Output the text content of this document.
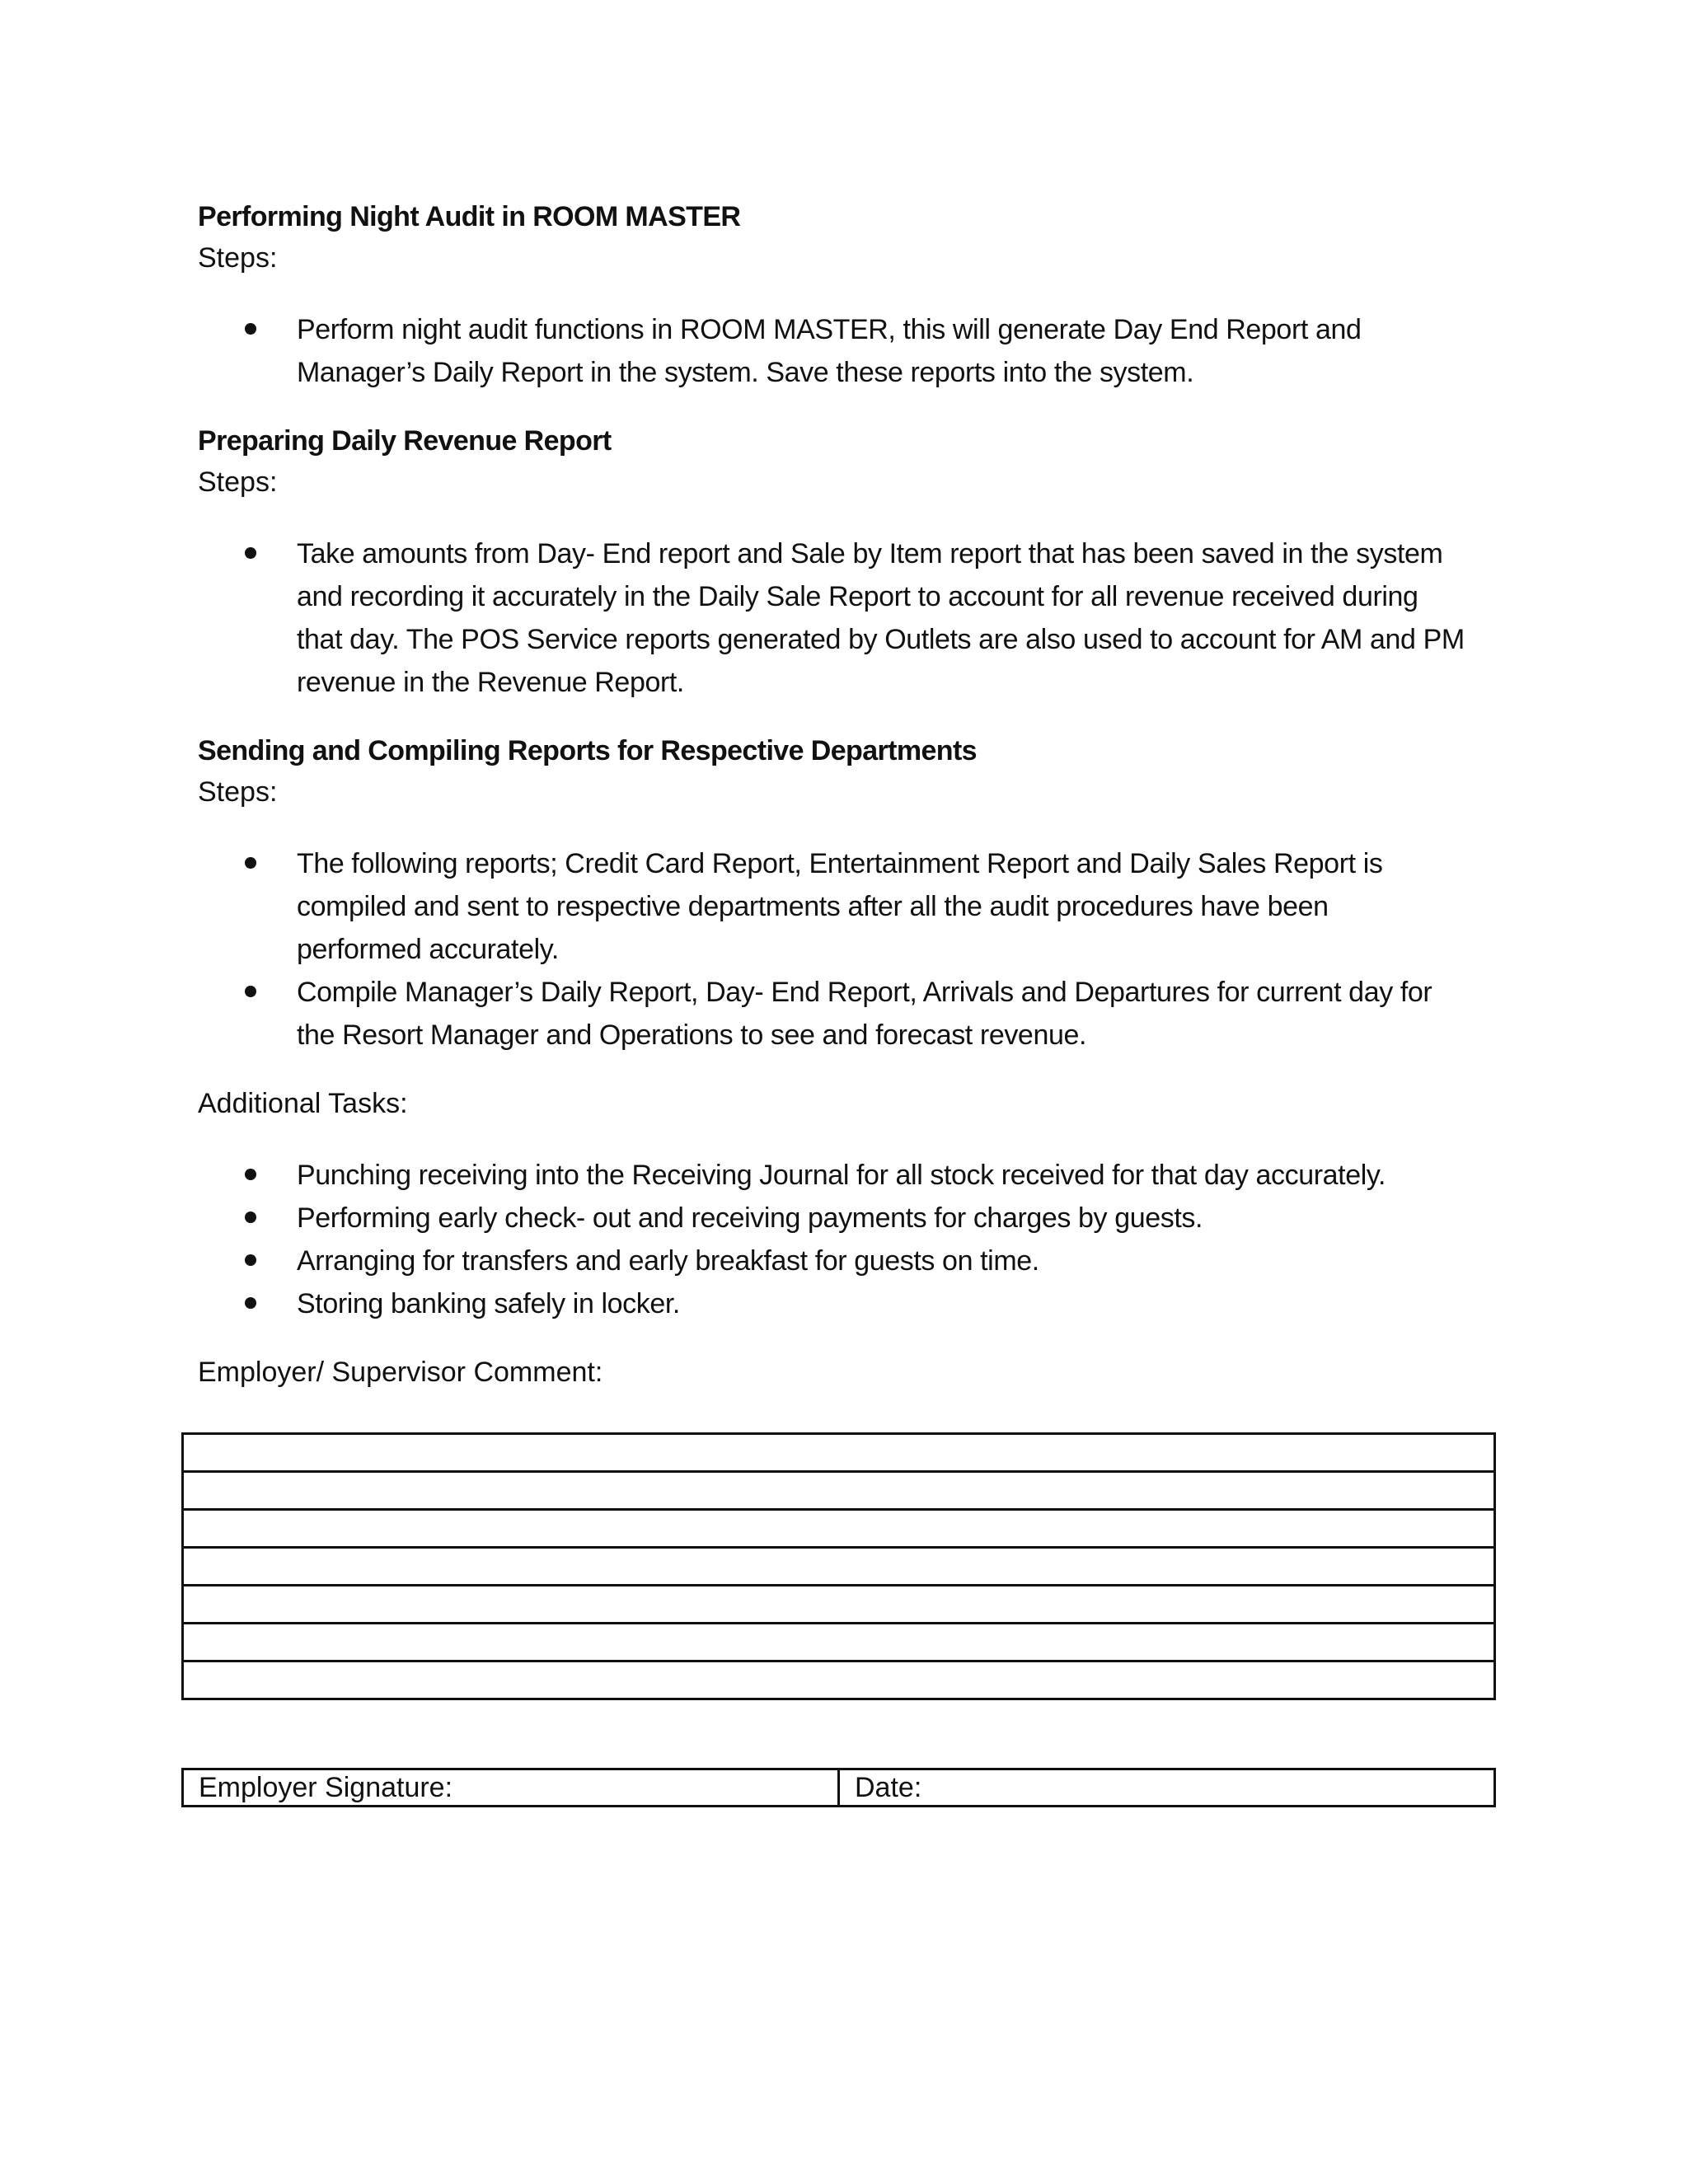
Performing Night Audit in ROOM MASTER

Steps:

Perform night audit functions in ROOM MASTER, this will generate Day End Report and
Manager’s Daily Report in the system. Save these reports into the system.

Preparing Daily Revenue Report

Steps:

Take amounts from Day- End report and Sale by Item report that has been saved in the system
and recording it accurately in the Daily Sale Report to account for all revenue received during
that day. The POS Service reports generated by Outlets are also used to account for AM and PM
revenue in the Revenue Report.

Sending and Compiling Reports for Respective Departments

Steps:

The following reports; Credit Card Report, Entertainment Report and Daily Sales Report is
compiled and sent to respective departments after all the audit procedures have been
performed accurately.
Compile Manager’s Daily Report, Day- End Report, Arrivals and Departures for current day for
the Resort Manager and Operations to see and forecast revenue.

Additional Tasks:

Punching receiving into the Receiving Journal for all stock received for that day accurately.
Performing early check- out and receiving payments for charges by guests.
Arranging for transfers and early breakfast for guests on time.
Storing banking safely in locker.

Employer/ Supervisor Comment:

Employer Signature:	Date:
